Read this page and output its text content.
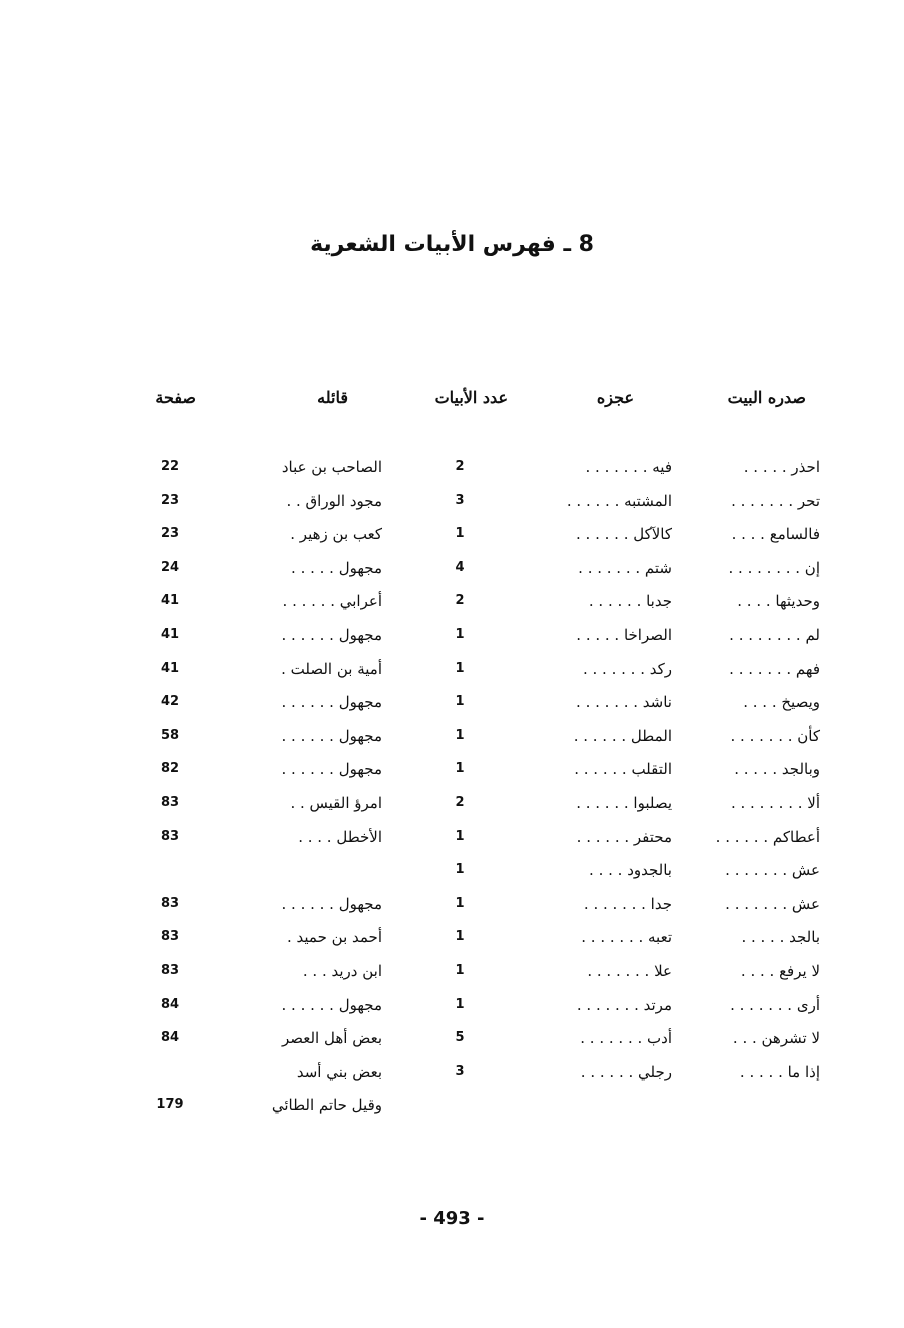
8 ـ فهرس الأبيات الشعرية
صدره البيت
عجزه
عدد الأبيات
قائله
صفحة
احذر . . . . .
فيه . . . . . . .
2
الصاحب بن عباد
22
تحر . . . . . . .
المشتبه . . . . . .
3
مجود الوراق . .
23
فالسامع . . . .
كالآكل . . . . . .
1
كعب بن زهير .
23
إن . . . . . . . .
شتم . . . . . . .
4
مجهول . . . . .
24
وحديثها . . . .
جدبا . . . . . .
2
أعرابي . . . . . .
41
لم . . . . . . . .
الصراخا . . . . .
1
مجهول . . . . . .
41
فهم . . . . . . .
ركد . . . . . . .
1
أمية بن الصلت .
41
ويصيخ . . . .
ناشد . . . . . . .
1
مجهول . . . . . .
42
كأن . . . . . . .
المطل . . . . . .
1
مجهول . . . . . .
58
وبالجد . . . . .
التقلب . . . . . .
1
مجهول . . . . . .
82
ألا . . . . . . . .
يصلبوا . . . . . .
2
امرؤ القيس . .
83
أعطاكم . . . . . .
محتفر . . . . . .
1
الأخطل . . . .
83
عش . . . . . . .
بالجدود . . . .
1
عش . . . . . . .
جدا . . . . . . .
1
مجهول . . . . . .
83
بالجد . . . . .
تعبه . . . . . . .
1
أحمد بن حميد .
83
لا يرفع . . . .
علا . . . . . . .
1
ابن دريد . . .
83
أرى . . . . . . .
مرتد . . . . . . .
1
مجهول . . . . . .
84
لا تشرهن . . .
أدب . . . . . . .
5
بعض أهل العصر
84
إذا ما . . . . .
رجلي . . . . . .
3
بعض بني أسد
وقيل حاتم الطائي
179
- 493 -
